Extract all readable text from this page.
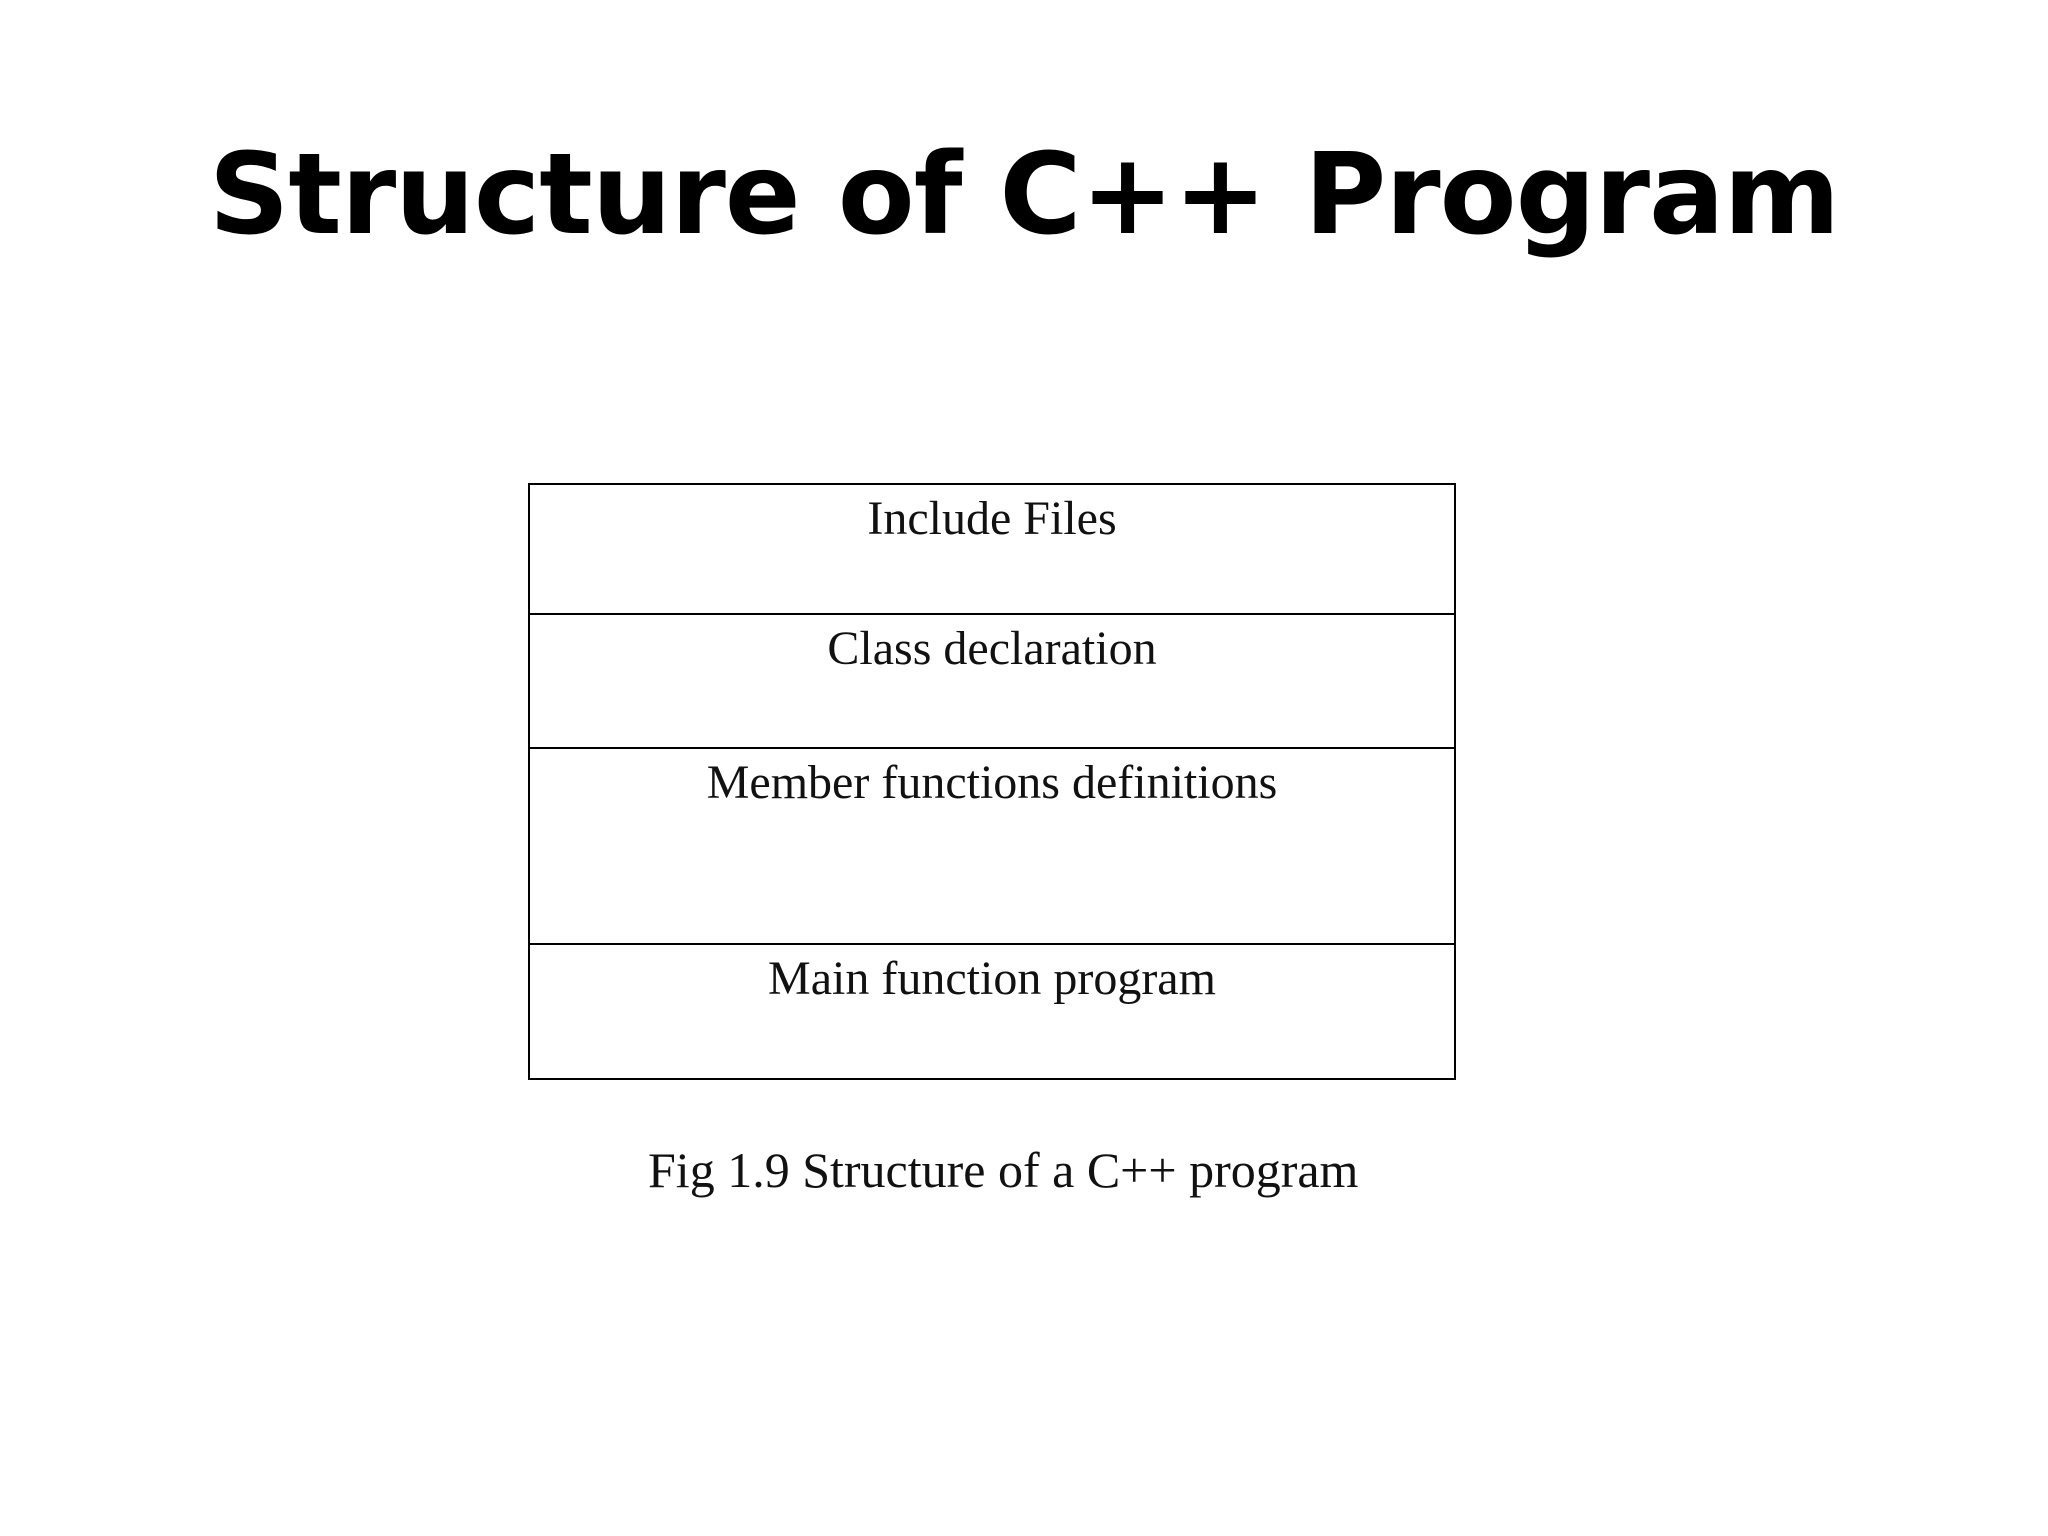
Structure of C++ Program
Include Files
Class declaration
Member functions definitions
Main function program
Fig 1.9 Structure of a C++ program
